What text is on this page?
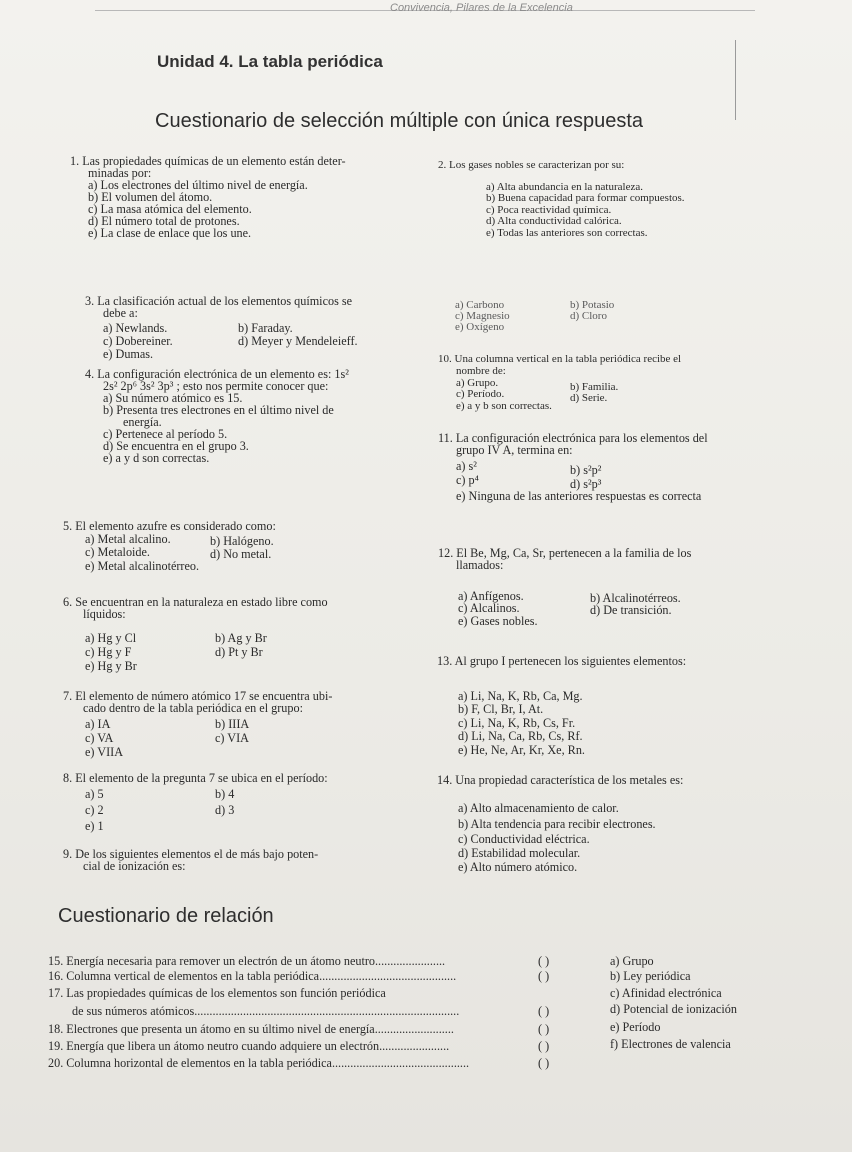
Convivencia, Pilares de la Excelencia
Unidad 4. La tabla periódica
Cuestionario de selección múltiple con única respuesta
1. Las propiedades químicas de un elemento están deter-
minadas por:
a) Los electrones del último nivel de energía.
b) El volumen del átomo.
c) La masa atómica del elemento.
d) El número total de protones.
e) La clase de enlace que los une.
2. Los gases nobles se caracterizan por su:
a) Alta abundancia en la naturaleza.
b) Buena capacidad para formar compuestos.
c) Poca reactividad química.
d) Alta conductividad calórica.
e) Todas las anteriores son correctas.
3. La clasificación actual de los elementos químicos se
debe a:
a) Newlands.	b) Faraday.
c) Dobereiner.	d) Meyer y Mendeleieff.
e) Dumas.
a) Carbono	b) Potasio
c) Magnesio	d) Cloro
e) Oxígeno
4. La configuración electrónica de un elemento es: 1s²
2s² 2p⁶ 3s² 3p³ ; esto nos permite conocer que:
a) Su número atómico es 15.
b) Presenta tres electrones en el último nivel de
energía.
c) Pertenece al período 5.
d) Se encuentra en el grupo 3.
e) a y d son correctas.
10. Una columna vertical en la tabla periódica recibe el
nombre de:
a) Grupo.	b) Familia.
c) Período.	d) Serie.
e) a y b son correctas.
11. La configuración electrónica para los elementos del
grupo IV A, termina en:
a) s²	b) s²p²
c) p⁴	d) s²p³
e) Ninguna de las anteriores respuestas es correcta
5. El elemento azufre es considerado como:
a) Metal alcalino.	b) Halógeno.
c) Metaloide.	d) No metal.
e) Metal alcalinotérreo.
12. El Be, Mg, Ca, Sr, pertenecen a la familia de los
llamados:
a) Anfígenos.	b) Alcalinotérreos.
c) Alcalinos.	d) De transición.
e) Gases nobles.
6. Se encuentran en la naturaleza en estado libre como
líquidos:
a) Hg y Cl	b) Ag y Br
c) Hg y F	d) Pt y Br
e) Hg y Br	13. Al grupo I pertenecen los siguientes elementos:
a) Li, Na, K, Rb, Ca, Mg.
b) F, Cl, Br, I, At.
c) Li, Na, K, Rb, Cs, Fr.
d) Li, Na, Ca, Rb, Cs, Rf.
e) He, Ne, Ar, Kr, Xe, Rn.
7. El elemento de número atómico 17 se encuentra ubi-
cado dentro de la tabla periódica en el grupo:
a) IA	b) IIIA
c) VA	c) VIA
e) VIIA
8. El elemento de la pregunta 7 se ubica en el período:
a) 5	b) 4
c) 2	d) 3
e) 1
14. Una propiedad característica de los metales es:
a) Alto almacenamiento de calor.
b) Alta tendencia para recibir electrones.
c) Conductividad eléctrica.
d) Estabilidad molecular.
e) Alto número atómico.
9. De los siguientes elementos el de más bajo poten-
cial de ionización es:
Cuestionario de relación
15. Energía necesaria para remover un electrón de un átomo neutro.......................	( )	a) Grupo
16. Columna vertical de elementos en la tabla periódica.............................................	( )	b) Ley periódica
17. Las propiedades químicas de los elementos son función periódica	c) Afinidad electrónica
de sus números atómicos.......................................................................................	( )	d) Potencial de ionización
18. Electrones que presenta un átomo en su último nivel de energía..........................	( )	e) Período
19. Energía que libera un átomo neutro cuando adquiere un electrón.......................	( )	f) Electrones de valencia
20. Columna horizontal de elementos en la tabla periódica.............................................	( )
